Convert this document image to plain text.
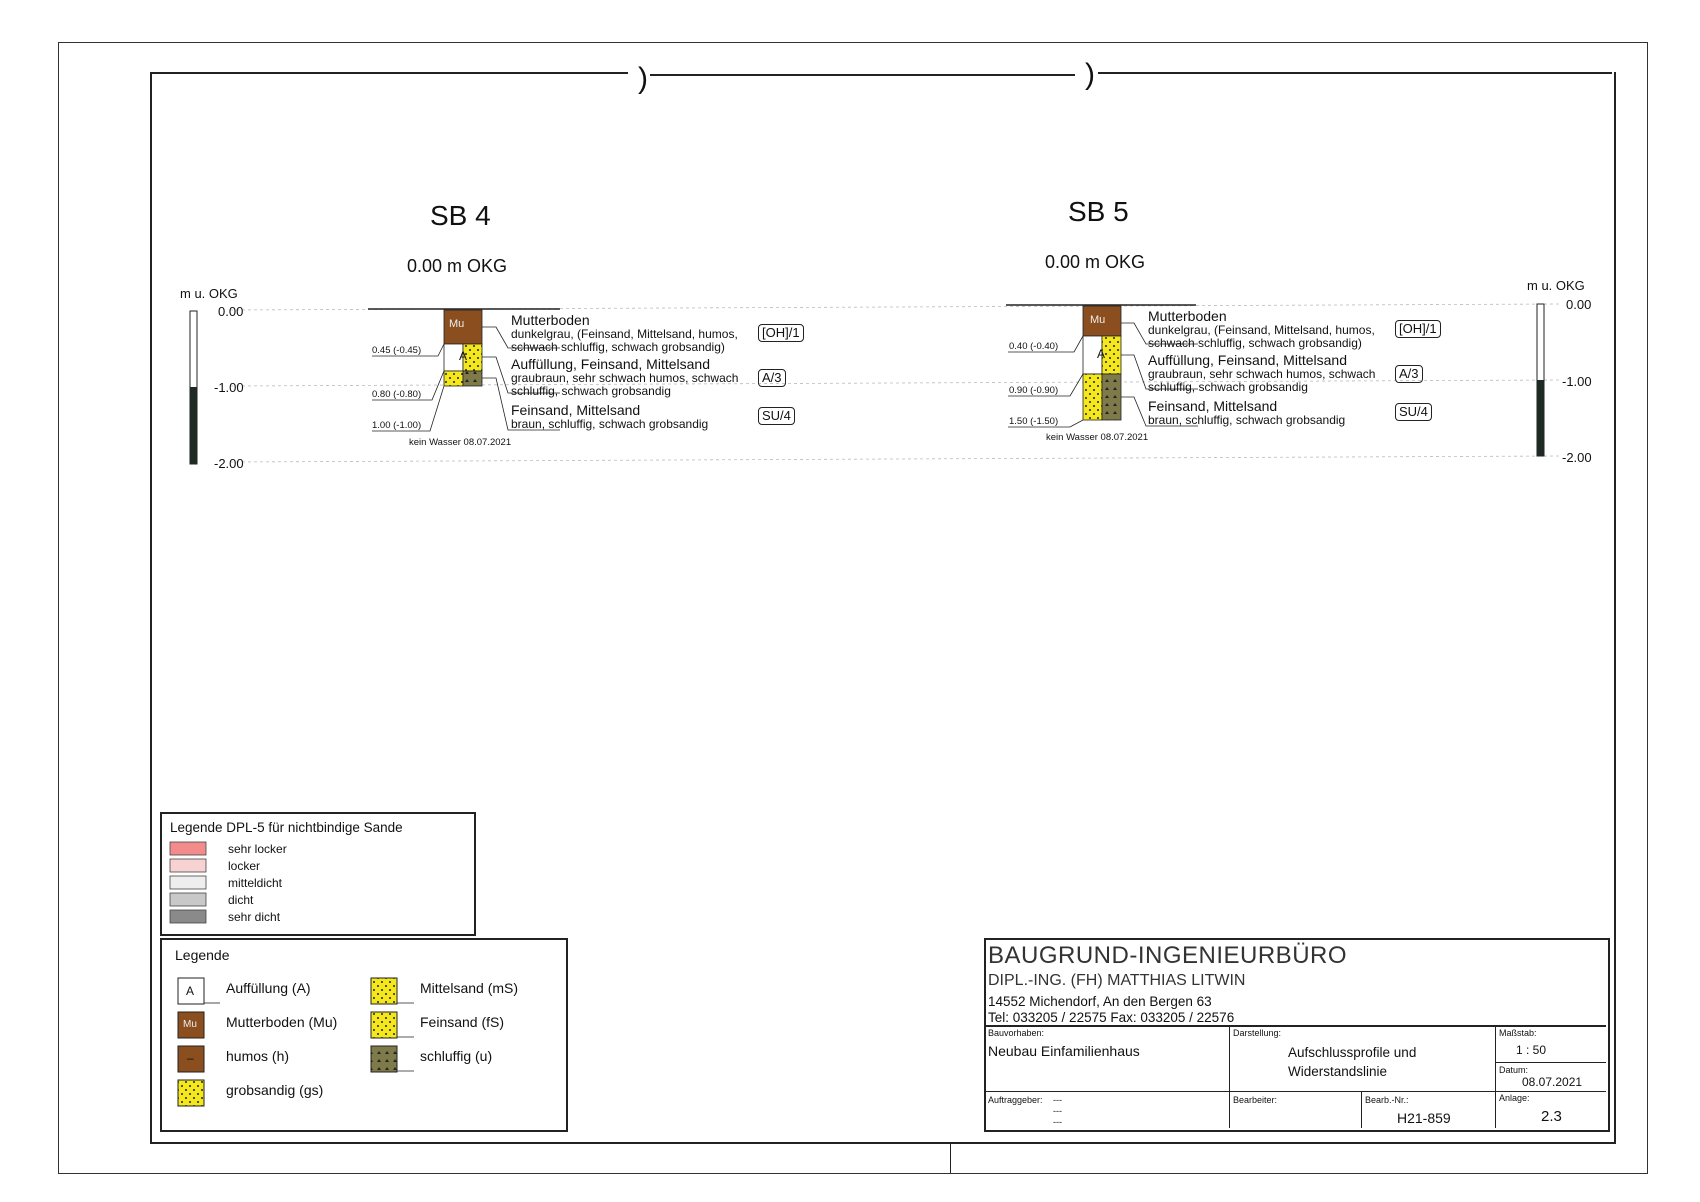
)	)
SB 4
0.00 m OKG
Mu
A
0.45 (-0.45)
0.80 (-0.80)
1.00 (-1.00)
kein Wasser 08.07.2021
Mutterboden
dunkelgrau, (Feinsand, Mittelsand, humos,
schwach schluffig, schwach grobsandig)
[OH]/1
Auffüllung, Feinsand, Mittelsand
graubraun, sehr schwach humos, schwach
schluffig, schwach grobsandig
A/3
Feinsand, Mittelsand
braun, schluffig, schwach grobsandig
SU/4
SB 5
0.00 m OKG
Mu
A
0.40 (-0.40)
0.90 (-0.90)
1.50 (-1.50)
kein Wasser 08.07.2021
Mutterboden
dunkelgrau, (Feinsand, Mittelsand, humos,
schwach schluffig, schwach grobsandig)
[OH]/1
Auffüllung, Feinsand, Mittelsand
graubraun, sehr schwach humos, schwach
schluffig, schwach grobsandig
A/3
Feinsand, Mittelsand
braun, schluffig, schwach grobsandig
SU/4
m u. OKG
0.00
-1.00
-2.00
m u. OKG
0.00
-1.00
-2.00
Legende DPL-5 für nichtbindige Sande
sehr locker
locker
mitteldicht
dicht
sehr dicht
Legende
A
Mu
–
Auffüllung (A)
Mutterboden (Mu)
humos (h)
grobsandig (gs)
Mittelsand (mS)
Feinsand (fS)
schluffig (u)
BAUGRUND-INGENIEURBÜRO
DIPL.-ING. (FH) MATTHIAS LITWIN
14552 Michendorf, An den Bergen 63
Tel: 033205 / 22575 Fax: 033205 / 22576
Bauvorhaben:
Neubau Einfamilienhaus
Darstellung:
Aufschlussprofile und
Widerstandslinie
Maßstab:
1 : 50
Datum:
08.07.2021
Auftraggeber: ---
---
---
Bearbeiter:	Bearb.-Nr.:
H21-859
Anlage:
2.3
